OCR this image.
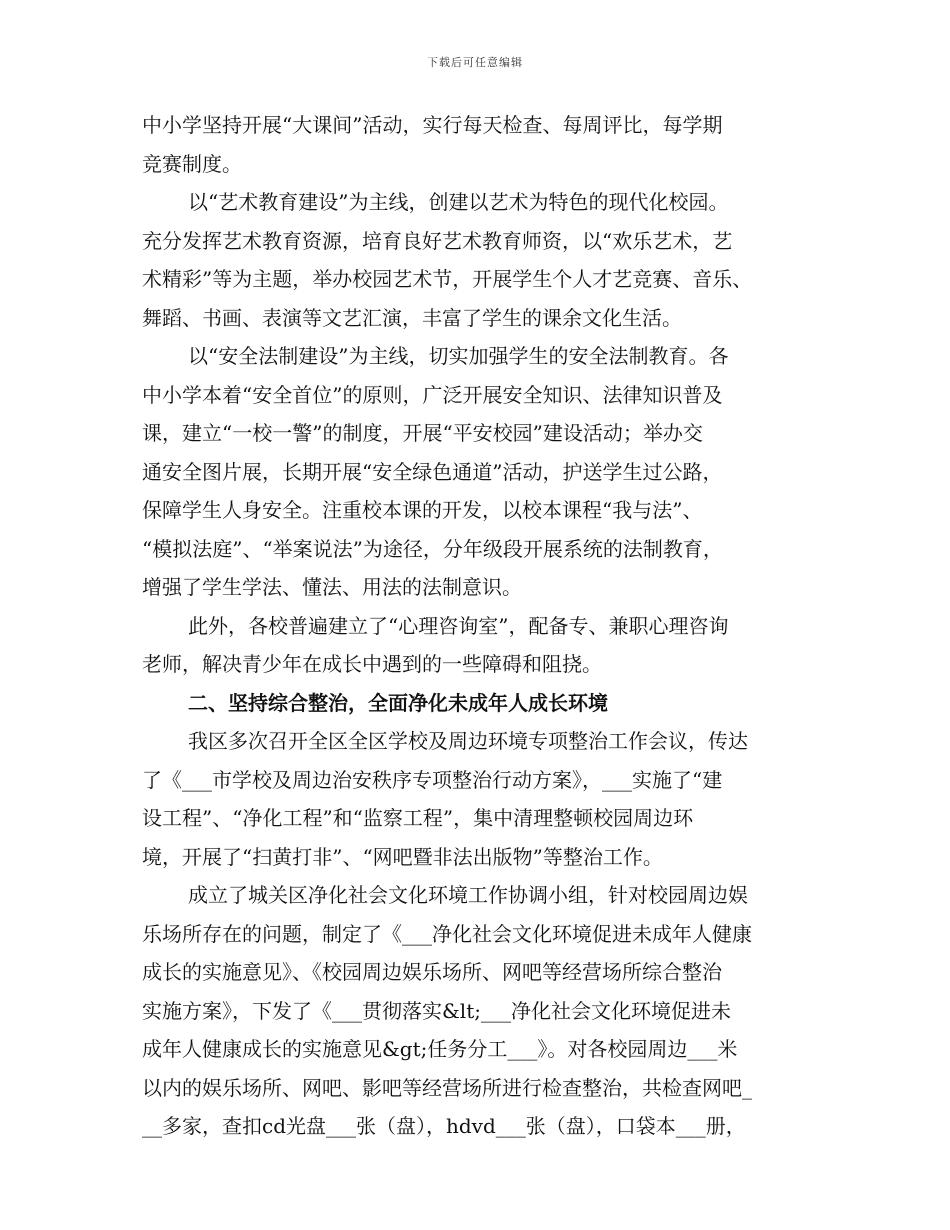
下载后可任意编辑
中小学坚持开展“大课间”活动，实行每天检查、每周评比，每学期
竞赛制度。
以“艺术教育建设”为主线，创建以艺术为特色的现代化校园。
充分发挥艺术教育资源，培育良好艺术教育师资，以“欢乐艺术，艺
术精彩”等为主题，举办校园艺术节，开展学生个人才艺竞赛、音乐、
舞蹈、书画、表演等文艺汇演，丰富了学生的课余文化生活。
以“安全法制建设”为主线，切实加强学生的安全法制教育。各
中小学本着“安全首位”的原则，广泛开展安全知识、法律知识普及
课，建立“一校一警”的制度，开展“平安校园”建设活动；举办交
通安全图片展，长期开展“安全绿色通道”活动，护送学生过公路，
保障学生人身安全。注重校本课的开发，以校本课程“我与法”、
“模拟法庭”、“举案说法”为途径，分年级段开展系统的法制教育，
增强了学生学法、懂法、用法的法制意识。
此外，各校普遍建立了“心理咨询室”，配备专、兼职心理咨询
老师，解决青少年在成长中遇到的一些障碍和阻挠。
二、坚持综合整治，全面净化未成年人成长环境
我区多次召开全区全区学校及周边环境专项整治工作会议，传达
了《___市学校及周边治安秩序专项整治行动方案》，___实施了“建
设工程”、“净化工程”和“监察工程”，集中清理整顿校园周边环
境，开展了“扫黄打非”、“网吧暨非法出版物”等整治工作。
成立了城关区净化社会文化环境工作协调小组，针对校园周边娱
乐场所存在的问题，制定了《___净化社会文化环境促进未成年人健康
成长的实施意见》、《校园周边娱乐场所、网吧等经营场所综合整治
实施方案》，下发了《___贯彻落实&lt;___净化社会文化环境促进未
成年人健康成长的实施意见&gt;任务分工___》。对各校园周边___米
以内的娱乐场所、网吧、影吧等经营场所进行检查整治，共检查网吧_
__多家，查扣cd光盘___张（盘），hdvd___张（盘），口袋本___册，
